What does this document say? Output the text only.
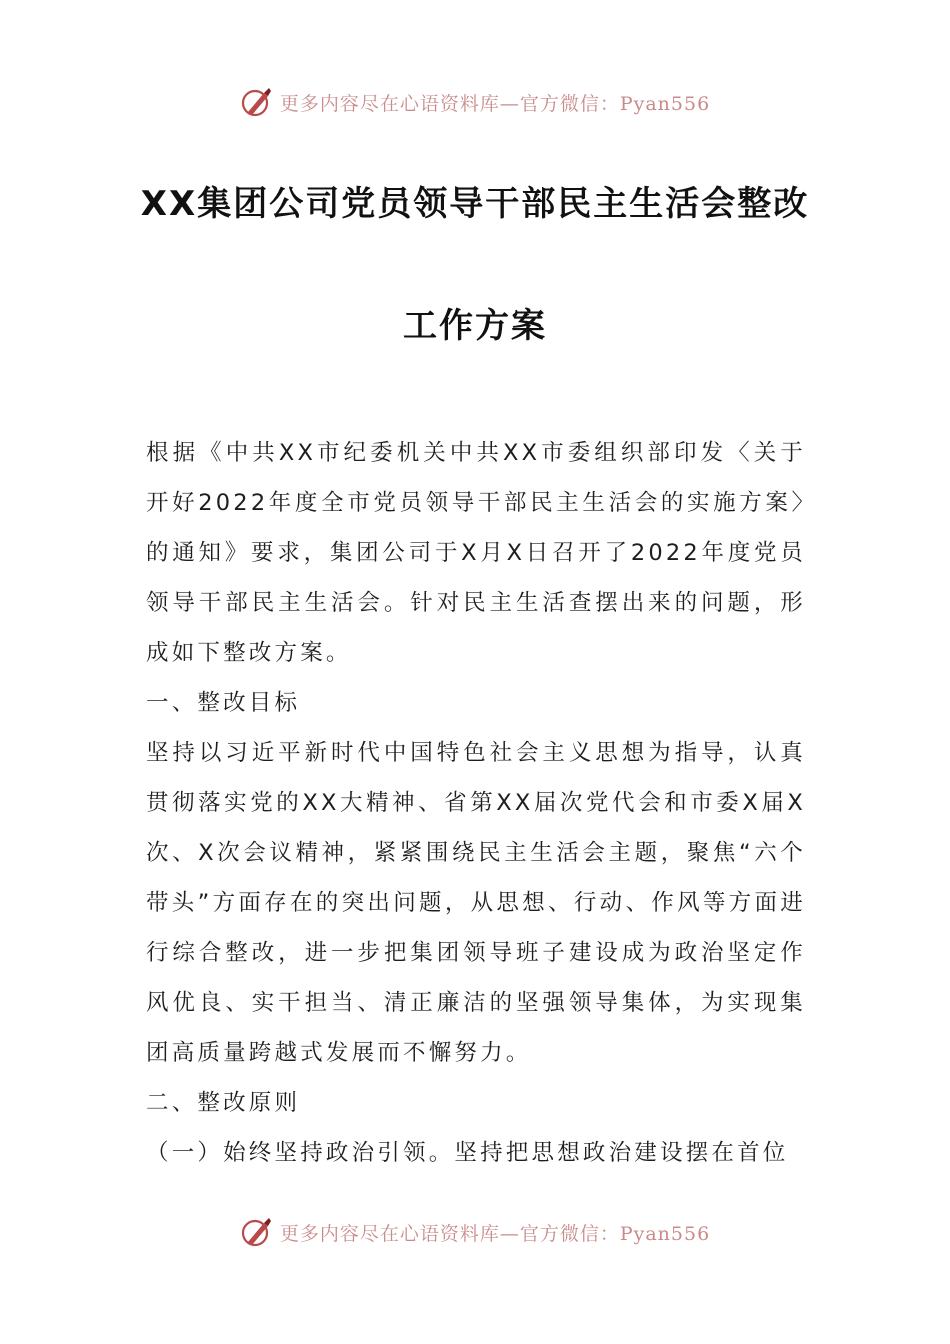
更多内容尽在心语资料库—官方微信：Pyan556
XX集团公司党员领导干部民主生活会整改
工作方案

根据《中共XX市纪委机关中共XX市委组织部印发〈关于开好2022年度全市党员领导干部民主生活会的实施方案〉的通知》要求，集团公司于X月X日召开了2022年度党员领导干部民主生活会。针对民主生活查摆出来的问题，形成如下整改方案。

一、整改目标

坚持以习近平新时代中国特色社会主义思想为指导，认真贯彻落实党的XX大精神、省第XX届次党代会和市委X届X次、X次会议精神，紧紧围绕民主生活会主题，聚焦“六个带头”方面存在的突出问题，从思想、行动、作风等方面进行综合整改，进一步把集团领导班子建设成为政治坚定作风优良、实干担当、清正廉洁的坚强领导集体，为实现集团高质量跨越式发展而不懈努力。

二、整改原则

（一）始终坚持政治引领。坚持把思想政治建设摆在首位

更多内容尽在心语资料库—官方微信：Pyan556
